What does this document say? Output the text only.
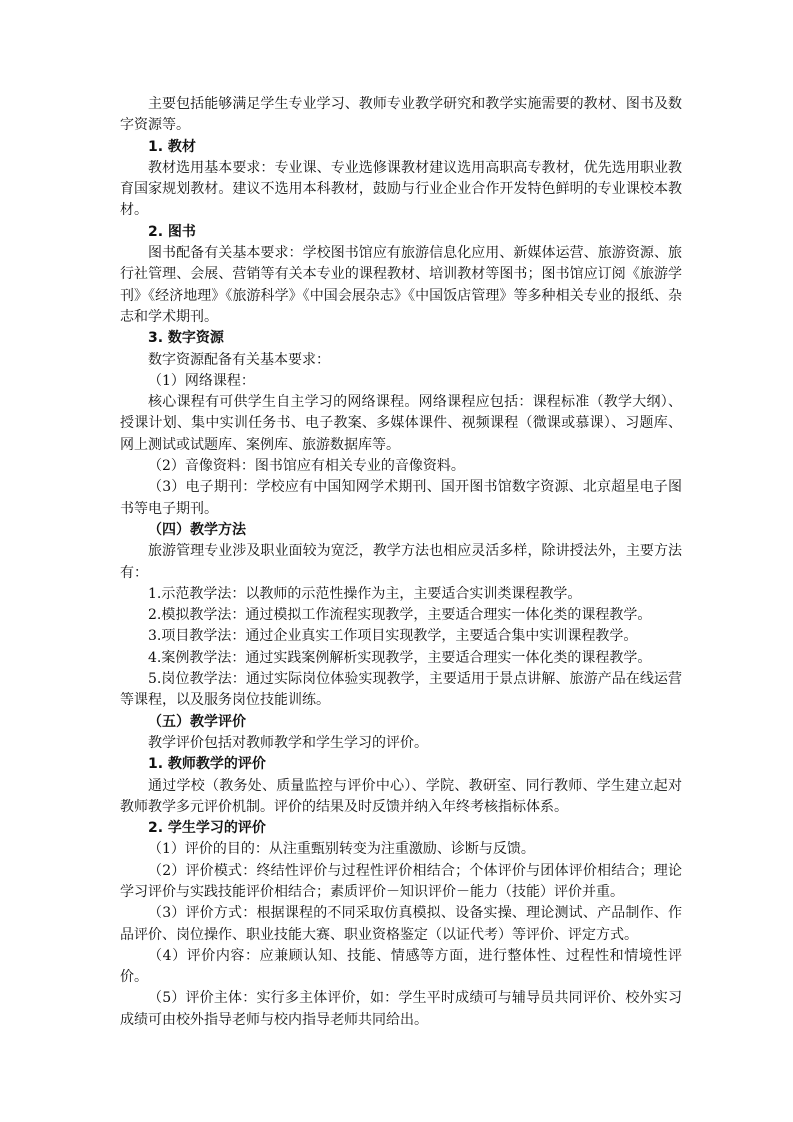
主要包括能够满足学生专业学习、教师专业教学研究和教学实施需要的教材、图书及数字资源等。

1. 教材

教材选用基本要求：专业课、专业选修课教材建议选用高职高专教材，优先选用职业教育国家规划教材。建议不选用本科教材，鼓励与行业企业合作开发特色鲜明的专业课校本教材。

2. 图书

图书配备有关基本要求：学校图书馆应有旅游信息化应用、新媒体运营、旅游资源、旅行社管理、会展、营销等有关本专业的课程教材、培训教材等图书；图书馆应订阅《旅游学刊》《经济地理》《旅游科学》《中国会展杂志》《中国饭店管理》等多种相关专业的报纸、杂志和学术期刊。

3. 数字资源

数字资源配备有关基本要求：

（1）网络课程：

核心课程有可供学生自主学习的网络课程。网络课程应包括：课程标准（教学大纲）、授课计划、集中实训任务书、电子教案、多媒体课件、视频课程（微课或慕课）、习题库、网上测试或试题库、案例库、旅游数据库等。

（2）音像资料：图书馆应有相关专业的音像资料。

（3）电子期刊：学校应有中国知网学术期刊、国开图书馆数字资源、北京超星电子图书等电子期刊。

（四）教学方法

旅游管理专业涉及职业面较为宽泛，教学方法也相应灵活多样，除讲授法外，主要方法有：

1.示范教学法：以教师的示范性操作为主，主要适合实训类课程教学。

2.模拟教学法：通过模拟工作流程实现教学，主要适合理实一体化类的课程教学。

3.项目教学法：通过企业真实工作项目实现教学，主要适合集中实训课程教学。

4.案例教学法：通过实践案例解析实现教学，主要适合理实一体化类的课程教学。

5.岗位教学法：通过实际岗位体验实现教学，主要适用于景点讲解、旅游产品在线运营等课程，以及服务岗位技能训练。

（五）教学评价

教学评价包括对教师教学和学生学习的评价。

1. 教师教学的评价

通过学校（教务处、质量监控与评价中心）、学院、教研室、同行教师、学生建立起对教师教学多元评价机制。评价的结果及时反馈并纳入年终考核指标体系。

2. 学生学习的评价

（1）评价的目的：从注重甄别转变为注重激励、诊断与反馈。

（2）评价模式：终结性评价与过程性评价相结合；个体评价与团体评价相结合；理论学习评价与实践技能评价相结合；素质评价－知识评价－能力（技能）评价并重。

（3）评价方式：根据课程的不同采取仿真模拟、设备实操、理论测试、产品制作、作品评价、岗位操作、职业技能大赛、职业资格鉴定（以证代考）等评价、评定方式。

（4）评价内容：应兼顾认知、技能、情感等方面，进行整体性、过程性和情境性评价。

（5）评价主体：实行多主体评价，如：学生平时成绩可与辅导员共同评价、校外实习成绩可由校外指导老师与校内指导老师共同给出。
